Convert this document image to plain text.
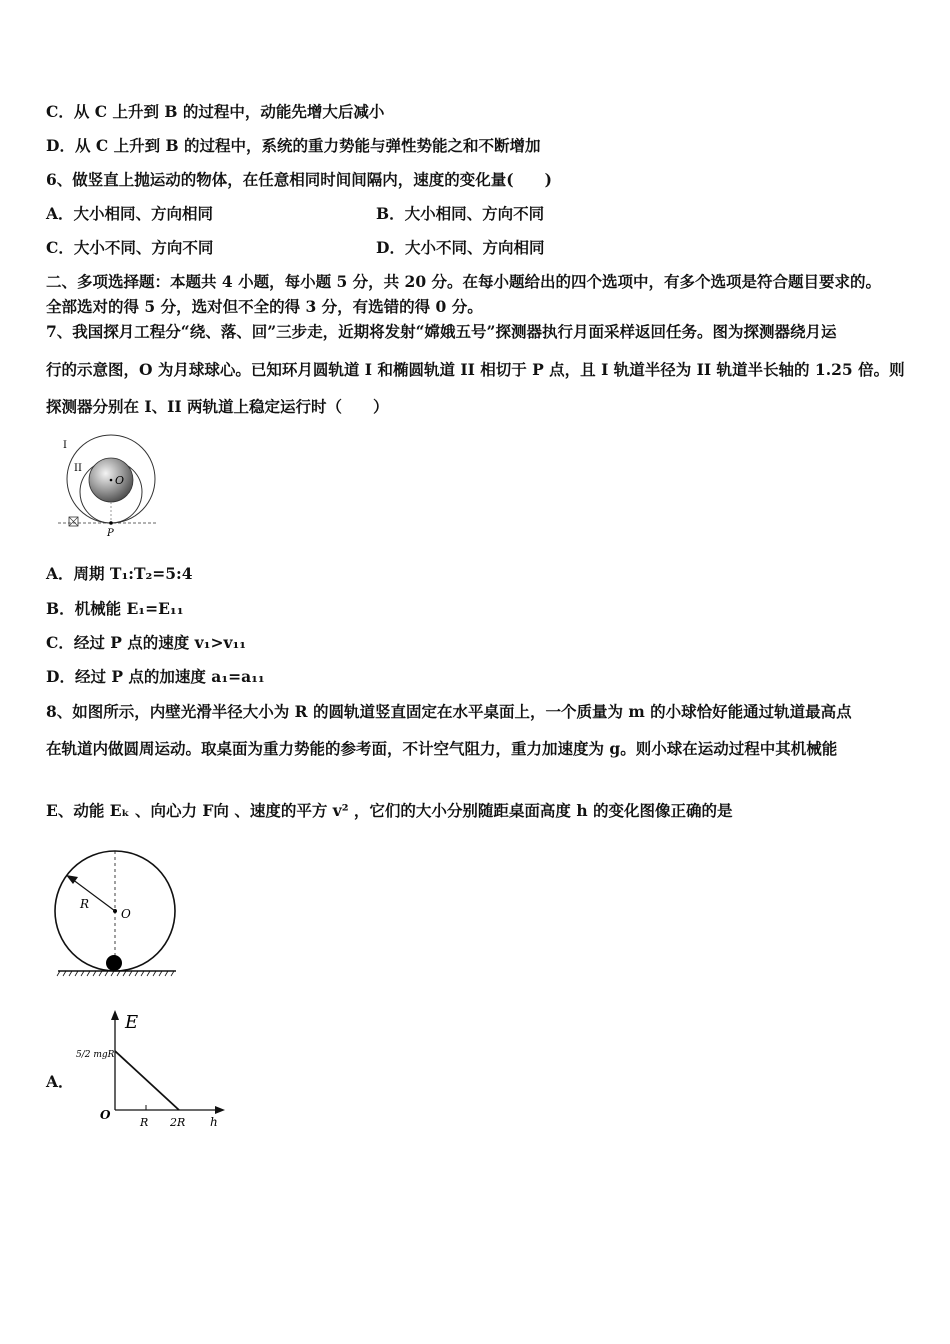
C．从 C 上升到 B 的过程中，动能先增大后减小
D．从 C 上升到 B 的过程中，系统的重力势能与弹性势能之和不断增加
6、做竖直上抛运动的物体，在任意相同时间间隔内，速度的变化量(　　)
A．大小相同、方向相同	B．大小相同、方向不同
C．大小不同、方向不同	D．大小不同、方向相同
二、多项选择题：本题共 4 小题，每小题 5 分，共 20 分。在每小题给出的四个选项中，有多个选项是符合题目要求的。
全部选对的得 5 分，选对但不全的得 3 分，有选错的得 0 分。
7、我国探月工程分“绕、落、回”三步走，近期将发射“嫦娥五号”探测器执行月面采样返回任务。图为探测器绕月运
行的示意图，O 为月球球心。已知环月圆轨道 I 和椭圆轨道 II 相切于 P 点，且 I 轨道半径为 II 轨道半长轴的 1.25 倍。则
探测器分别在 I、II 两轨道上稳定运行时（　　）
O
I
II
P
A．周期 T₁:T₂=5:4
B．机械能 E₁=E₁₁
C．经过 P 点的速度 v₁>v₁₁
D．经过 P 点的加速度 a₁=a₁₁
8、如图所示，内壁光滑半径大小为 R 的圆轨道竖直固定在水平桌面上，一个质量为 m 的小球恰好能通过轨道最高点
在轨道内做圆周运动。取桌面为重力势能的参考面，不计空气阻力，重力加速度为 g。则小球在运动过程中其机械能
E、动能 Eₖ 、向心力 F向 、速度的平方 v² ，它们的大小分别随距桌面高度 h 的变化图像正确的是
R
O
A．
E
5/2 mgR
O
R 2R h
